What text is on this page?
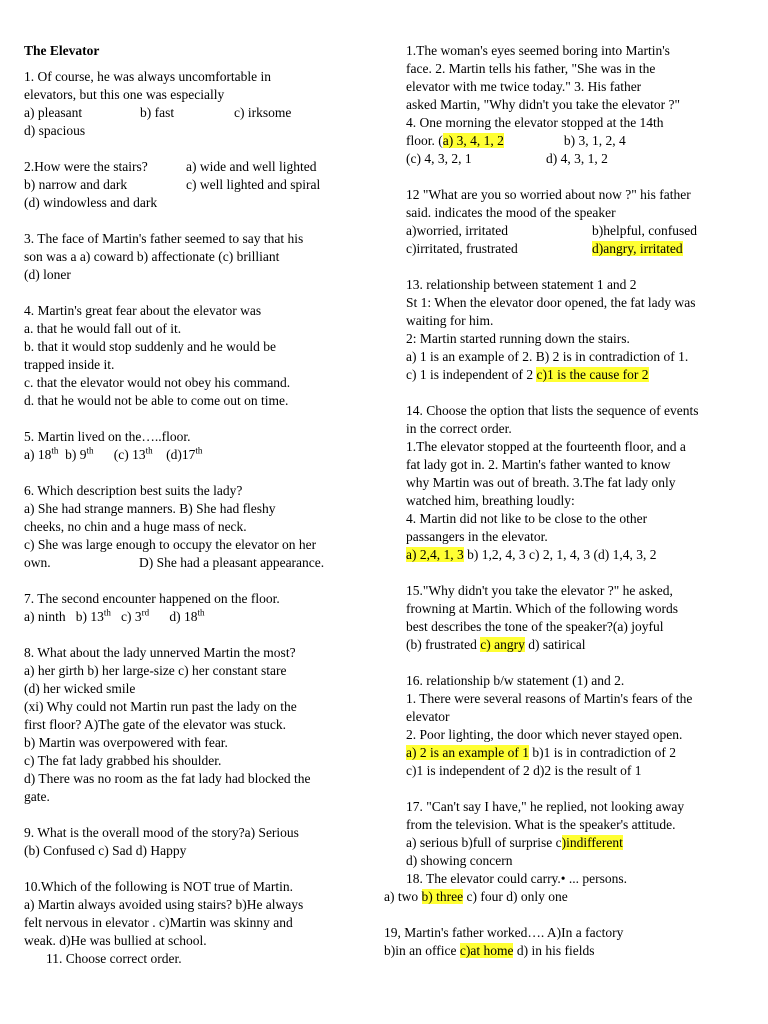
The Elevator
1. Of course, he was always uncomfortable in
elevators, but this one was especially
a) pleasant	b) fast	c) irksome
d) spacious
2.How were the stairs?	a) wide and well lighted
b) narrow and dark	c) well lighted and spiral
(d) windowless and dark
3. The face of Martin's father seemed to say that his
son was a a) coward b) affectionate (c) brilliant
(d) loner
4. Martin's great fear about the elevator was
a. that he would fall out of it.
b. that it would stop suddenly and he would be
trapped inside it.
c. that the elevator would not obey his command.
d. that he would not be able to come out on time.
5. Martin lived on the…..floor.
a) 18th b) 9th (c) 13th (d)17th
6. Which description best suits the lady?
a) She had strange manners. B) She had fleshy
cheeks, no chin and a huge mass of neck.
c) She was large enough to occupy the elevator on her
own.	D) She had a pleasant appearance.
7. The second encounter happened on the floor.
a) ninth b) 13th c) 3rd d) 18th
8. What about the lady unnerved Martin the most?
a) her girth b) her large-size c) her constant stare
(d) her wicked smile
(xi) Why could not Martin run past the lady on the
first floor? A)The gate of the elevator was stuck.
b) Martin was overpowered with fear.
c) The fat lady grabbed his shoulder.
d) There was no room as the fat lady had blocked the
gate.
9. What is the overall mood of the story?a) Serious
(b) Confused c) Sad d) Happy
10.Which of the following is NOT true of Martin.
a) Martin always avoided using stairs? b)He always
felt nervous in elevator . c)Martin was skinny and
weak. d)He was bullied at school.
11. Choose correct order.
1.The woman's eyes seemed boring into Martin's
face. 2. Martin tells his father, "She was in the
elevator with me twice today." 3. His father
asked Martin, "Why didn't you take the elevator ?"
4. One morning the elevator stopped at the 14th
floor. (a) 3, 4, 1, 2	b) 3, 1, 2, 4
(c) 4, 3, 2, 1	d) 4, 3, 1, 2
12 "What are you so worried about now ?" his father
said. indicates the mood of the speaker
a)worried, irritated	b)helpful, confused
c)irritated, frustrated	d)angry, irritated
13. relationship between statement 1 and 2
St 1: When the elevator door opened, the fat lady was
waiting for him.
2: Martin started running down the stairs.
a) 1 is an example of 2. B) 2 is in contradiction of 1.
c) 1 is independent of 2 c)1 is the cause for 2
14. Choose the option that lists the sequence of events
in the correct order.
1.The elevator stopped at the fourteenth floor, and a
fat lady got in. 2. Martin's father wanted to know
why Martin was out of breath. 3.The fat lady only
watched him, breathing loudly:
4. Martin did not like to be close to the other
passangers in the elevator.
a) 2,4, 1, 3 b) 1,2, 4, 3 c) 2, 1, 4, 3 (d) 1,4, 3, 2
15."Why didn't you take the elevator ?" he asked,
frowning at Martin. Which of the following words
best describes the tone of the speaker?(a) joyful
(b) frustrated c) angry d) satirical
16. relationship b/w statement (1) and 2.
1. There were several reasons of Martin's fears of the
elevator
2. Poor lighting, the door which never stayed open.
a) 2 is an example of 1 b)1 is in contradiction of 2
c)1 is independent of 2 d)2 is the result of 1
17. "Can't say I have," he replied, not looking away
from the television. What is the speaker's attitude.
a) serious b)full of surprise c)indifferent
d) showing concern
18. The elevator could carry.• ... persons.
a) two b) three c) four d) only one
19, Martin's father worked…. A)In a factory
b)in an office c)at home d) in his fields
